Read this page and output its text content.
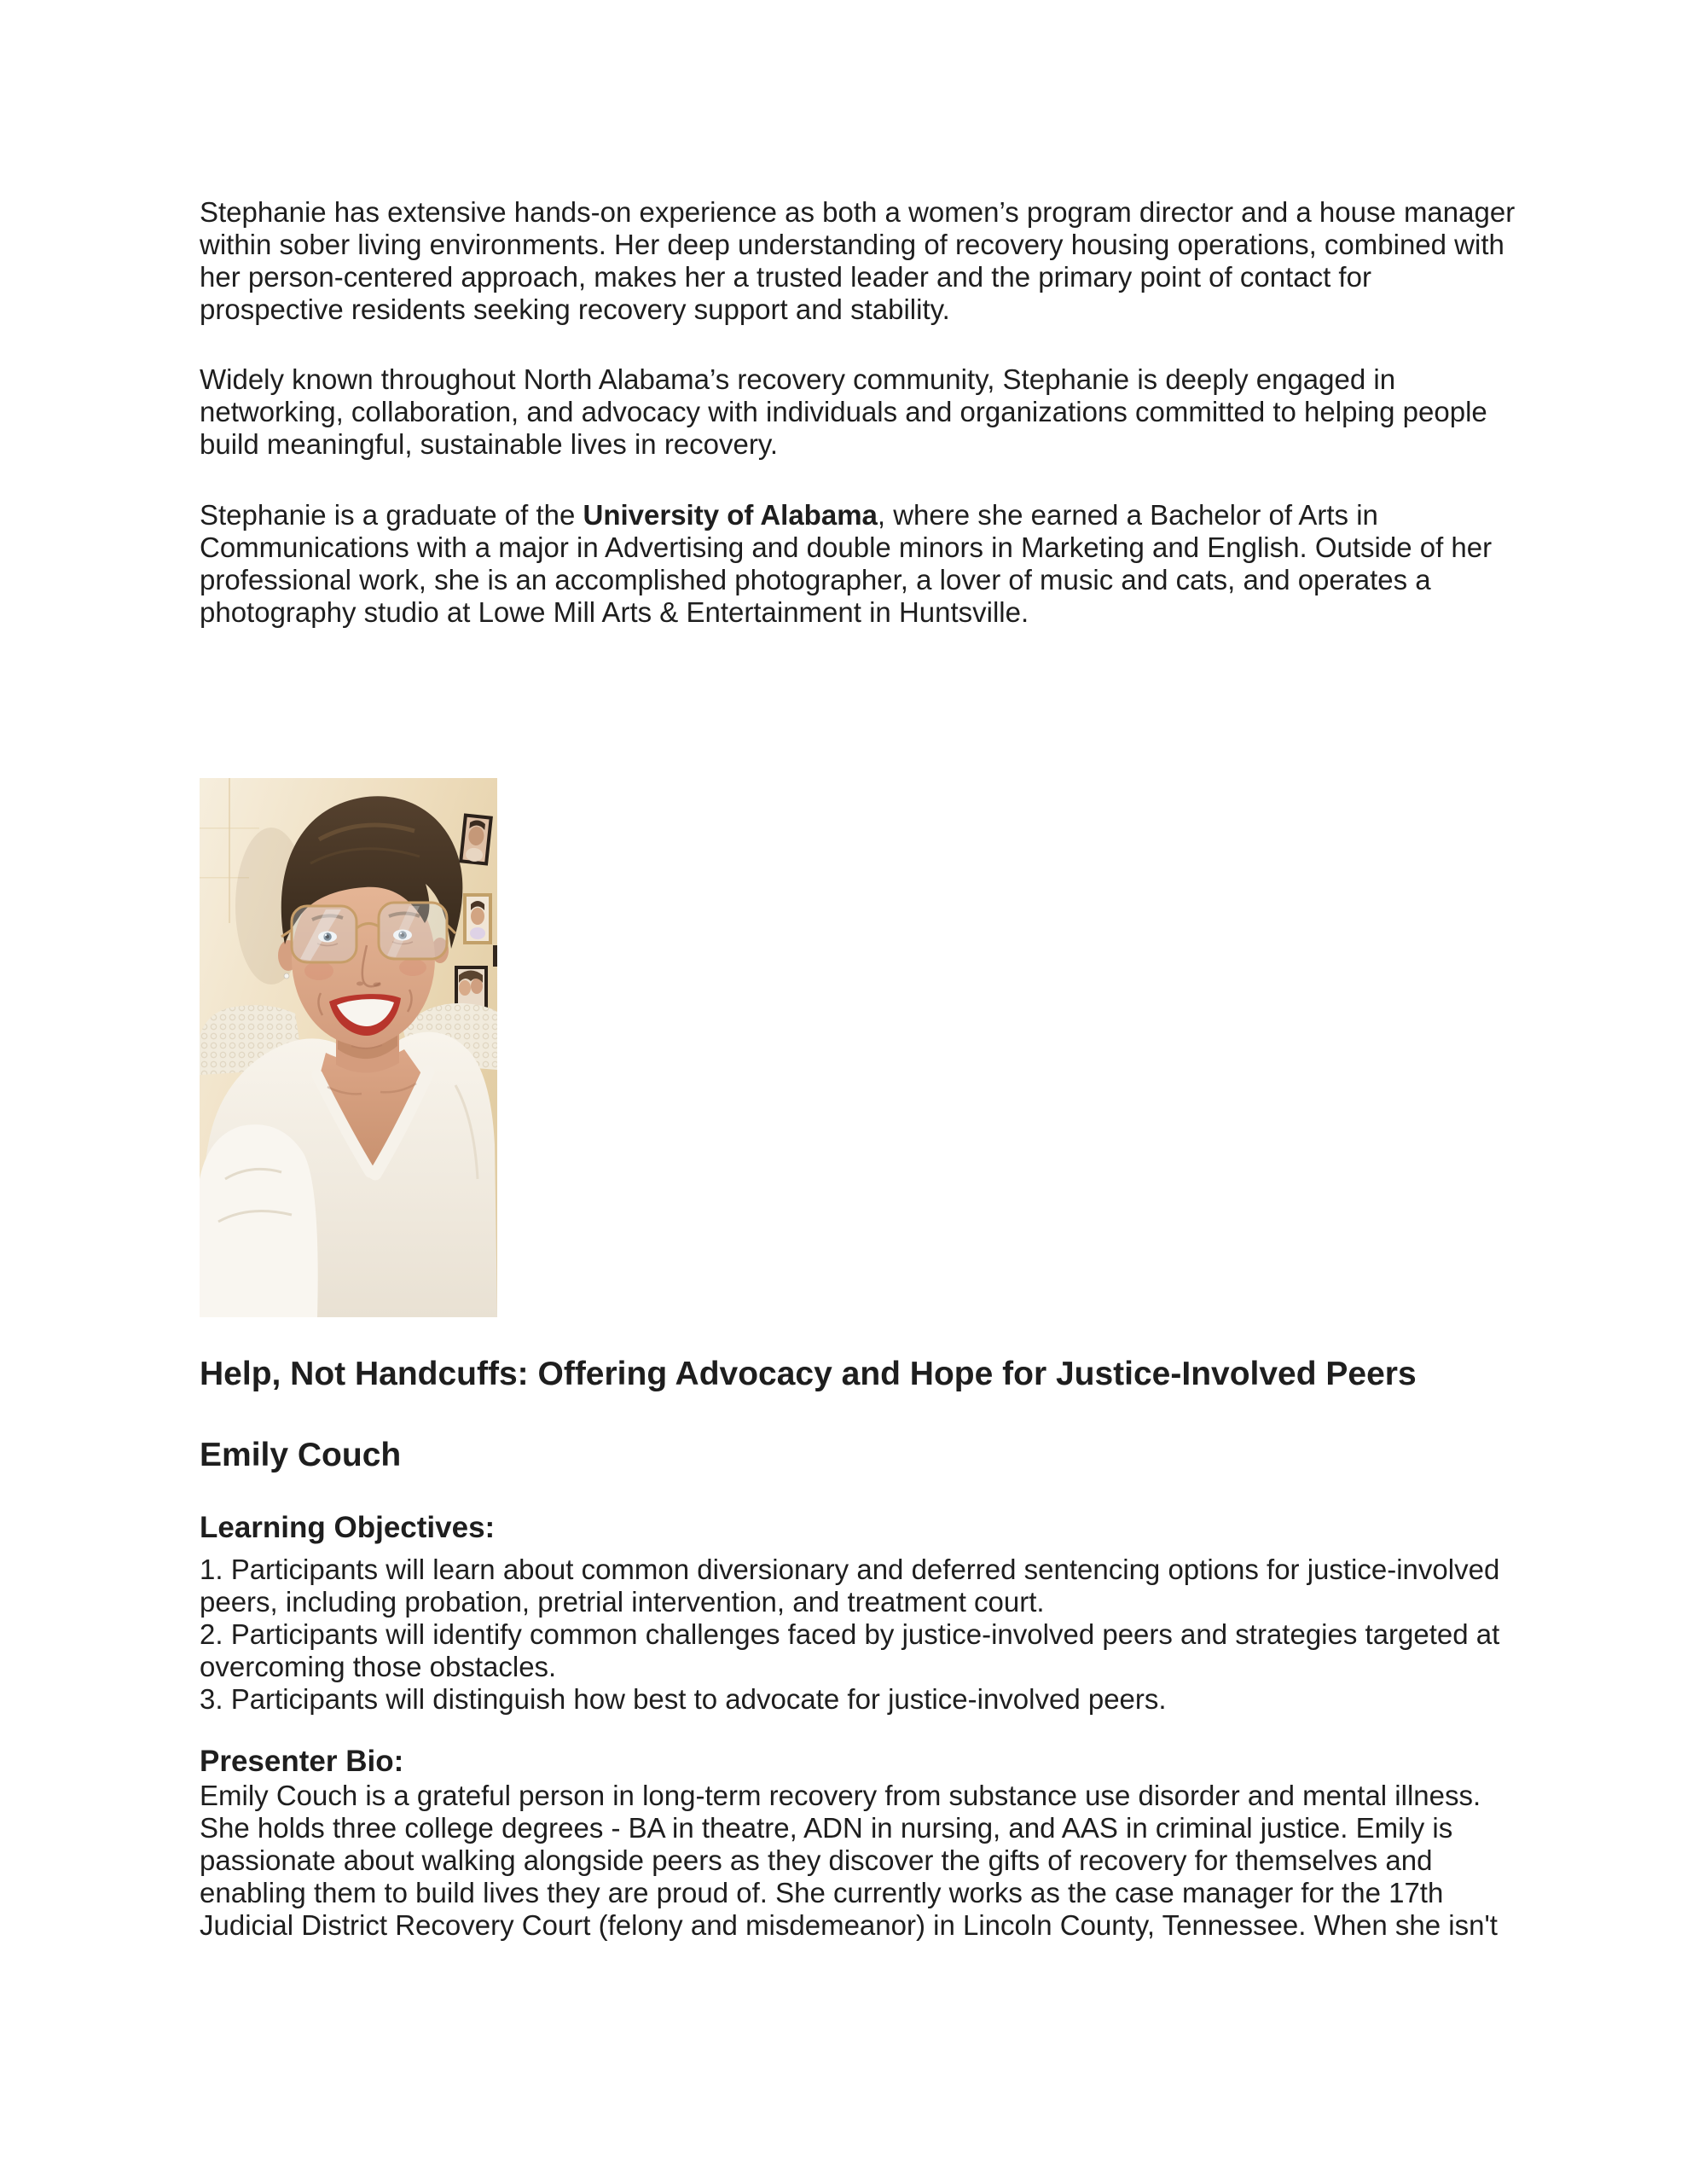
Stephanie has extensive hands-on experience as both a women’s program director and a house manager
within sober living environments. Her deep understanding of recovery housing operations, combined with
her person-centered approach, makes her a trusted leader and the primary point of contact for
prospective residents seeking recovery support and stability.
Widely known throughout North Alabama’s recovery community, Stephanie is deeply engaged in
networking, collaboration, and advocacy with individuals and organizations committed to helping people
build meaningful, sustainable lives in recovery.
Stephanie is a graduate of the University of Alabama, where she earned a Bachelor of Arts in
Communications with a major in Advertising and double minors in Marketing and English. Outside of her
professional work, she is an accomplished photographer, a lover of music and cats, and operates a
photography studio at Lowe Mill Arts & Entertainment in Huntsville.
Help, Not Handcuffs: Offering Advocacy and Hope for Justice-Involved Peers
Emily Couch
Learning Objectives:
1. Participants will learn about common diversionary and deferred sentencing options for justice-involved
peers, including probation, pretrial intervention, and treatment court.
2. Participants will identify common challenges faced by justice-involved peers and strategies targeted at
overcoming those obstacles.
3. Participants will distinguish how best to advocate for justice-involved peers.
Presenter Bio:
Emily Couch is a grateful person in long-term recovery from substance use disorder and mental illness.
She holds three college degrees - BA in theatre, ADN in nursing, and AAS in criminal justice. Emily is
passionate about walking alongside peers as they discover the gifts of recovery for themselves and
enabling them to build lives they are proud of. She currently works as the case manager for the 17th
Judicial District Recovery Court (felony and misdemeanor) in Lincoln County, Tennessee. When she isn't
